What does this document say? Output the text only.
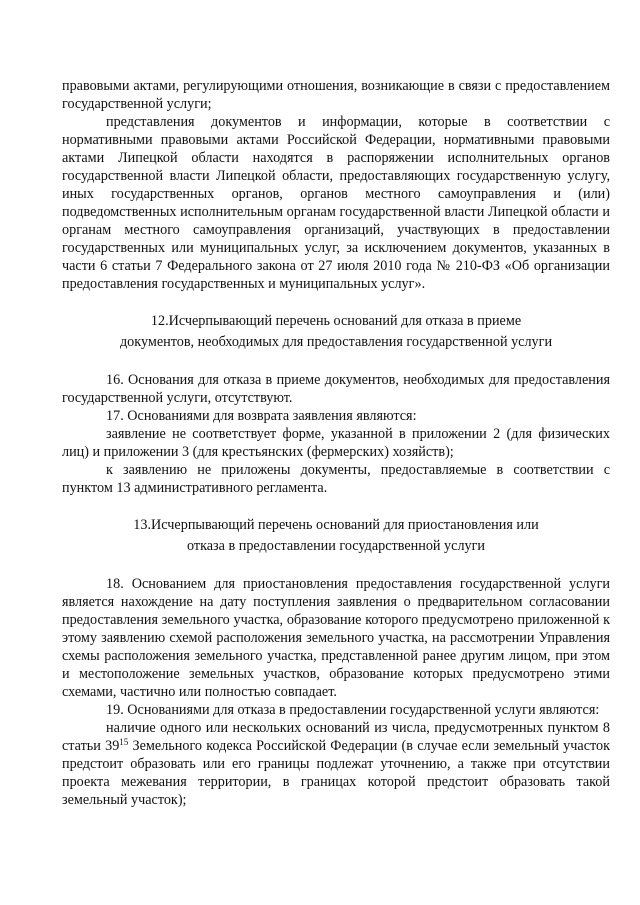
правовыми актами, регулирующими отношения, возникающие в связи с предоставлением государственной услуги;

представления документов и информации, которые в соответствии с нормативными правовыми актами Российской Федерации, нормативными правовыми актами Липецкой области находятся в распоряжении исполнительных органов государственной власти Липецкой области, предоставляющих государственную услугу, иных государственных органов, органов местного самоуправления и (или) подведомственных исполнительным органам государственной власти Липецкой области и органам местного самоуправления организаций, участвующих в предоставлении государственных или муниципальных услуг, за исключением документов, указанных в части 6 статьи 7 Федерального закона от 27 июля 2010 года № 210-ФЗ «Об организации предоставления государственных и муниципальных услуг».

12.Исчерпывающий перечень оснований для отказа в приеме
документов, необходимых для предоставления государственной услуги

16. Основания для отказа в приеме документов, необходимых для предоставления государственной услуги, отсутствуют.

17. Основаниями для возврата заявления являются:

заявление не соответствует форме, указанной в приложении 2 (для физических лиц) и приложении 3 (для крестьянских (фермерских) хозяйств);

к заявлению не приложены документы, предоставляемые в соответствии с пунктом 13 административного регламента.

13.Исчерпывающий перечень оснований для приостановления или
отказа в предоставлении государственной услуги

18. Основанием для приостановления предоставления государственной услуги является нахождение на дату поступления заявления о предварительном согласовании предоставления земельного участка, образование которого предусмотрено приложенной к этому заявлению схемой расположения земельного участка, на рассмотрении Управления схемы расположения земельного участка, представленной ранее другим лицом, при этом и местоположение земельных участков, образование которых предусмотрено этими схемами, частично или полностью совпадает.

19. Основаниями для отказа в предоставлении государственной услуги являются:

наличие одного или нескольких оснований из числа, предусмотренных пунктом 8 статьи $39^{15}$ Земельного кодекса Российской Федерации (в случае если земельный участок предстоит образовать или его границы подлежат уточнению, а также при отсутствии проекта межевания территории, в границах которой предстоит образовать такой земельный участок);
